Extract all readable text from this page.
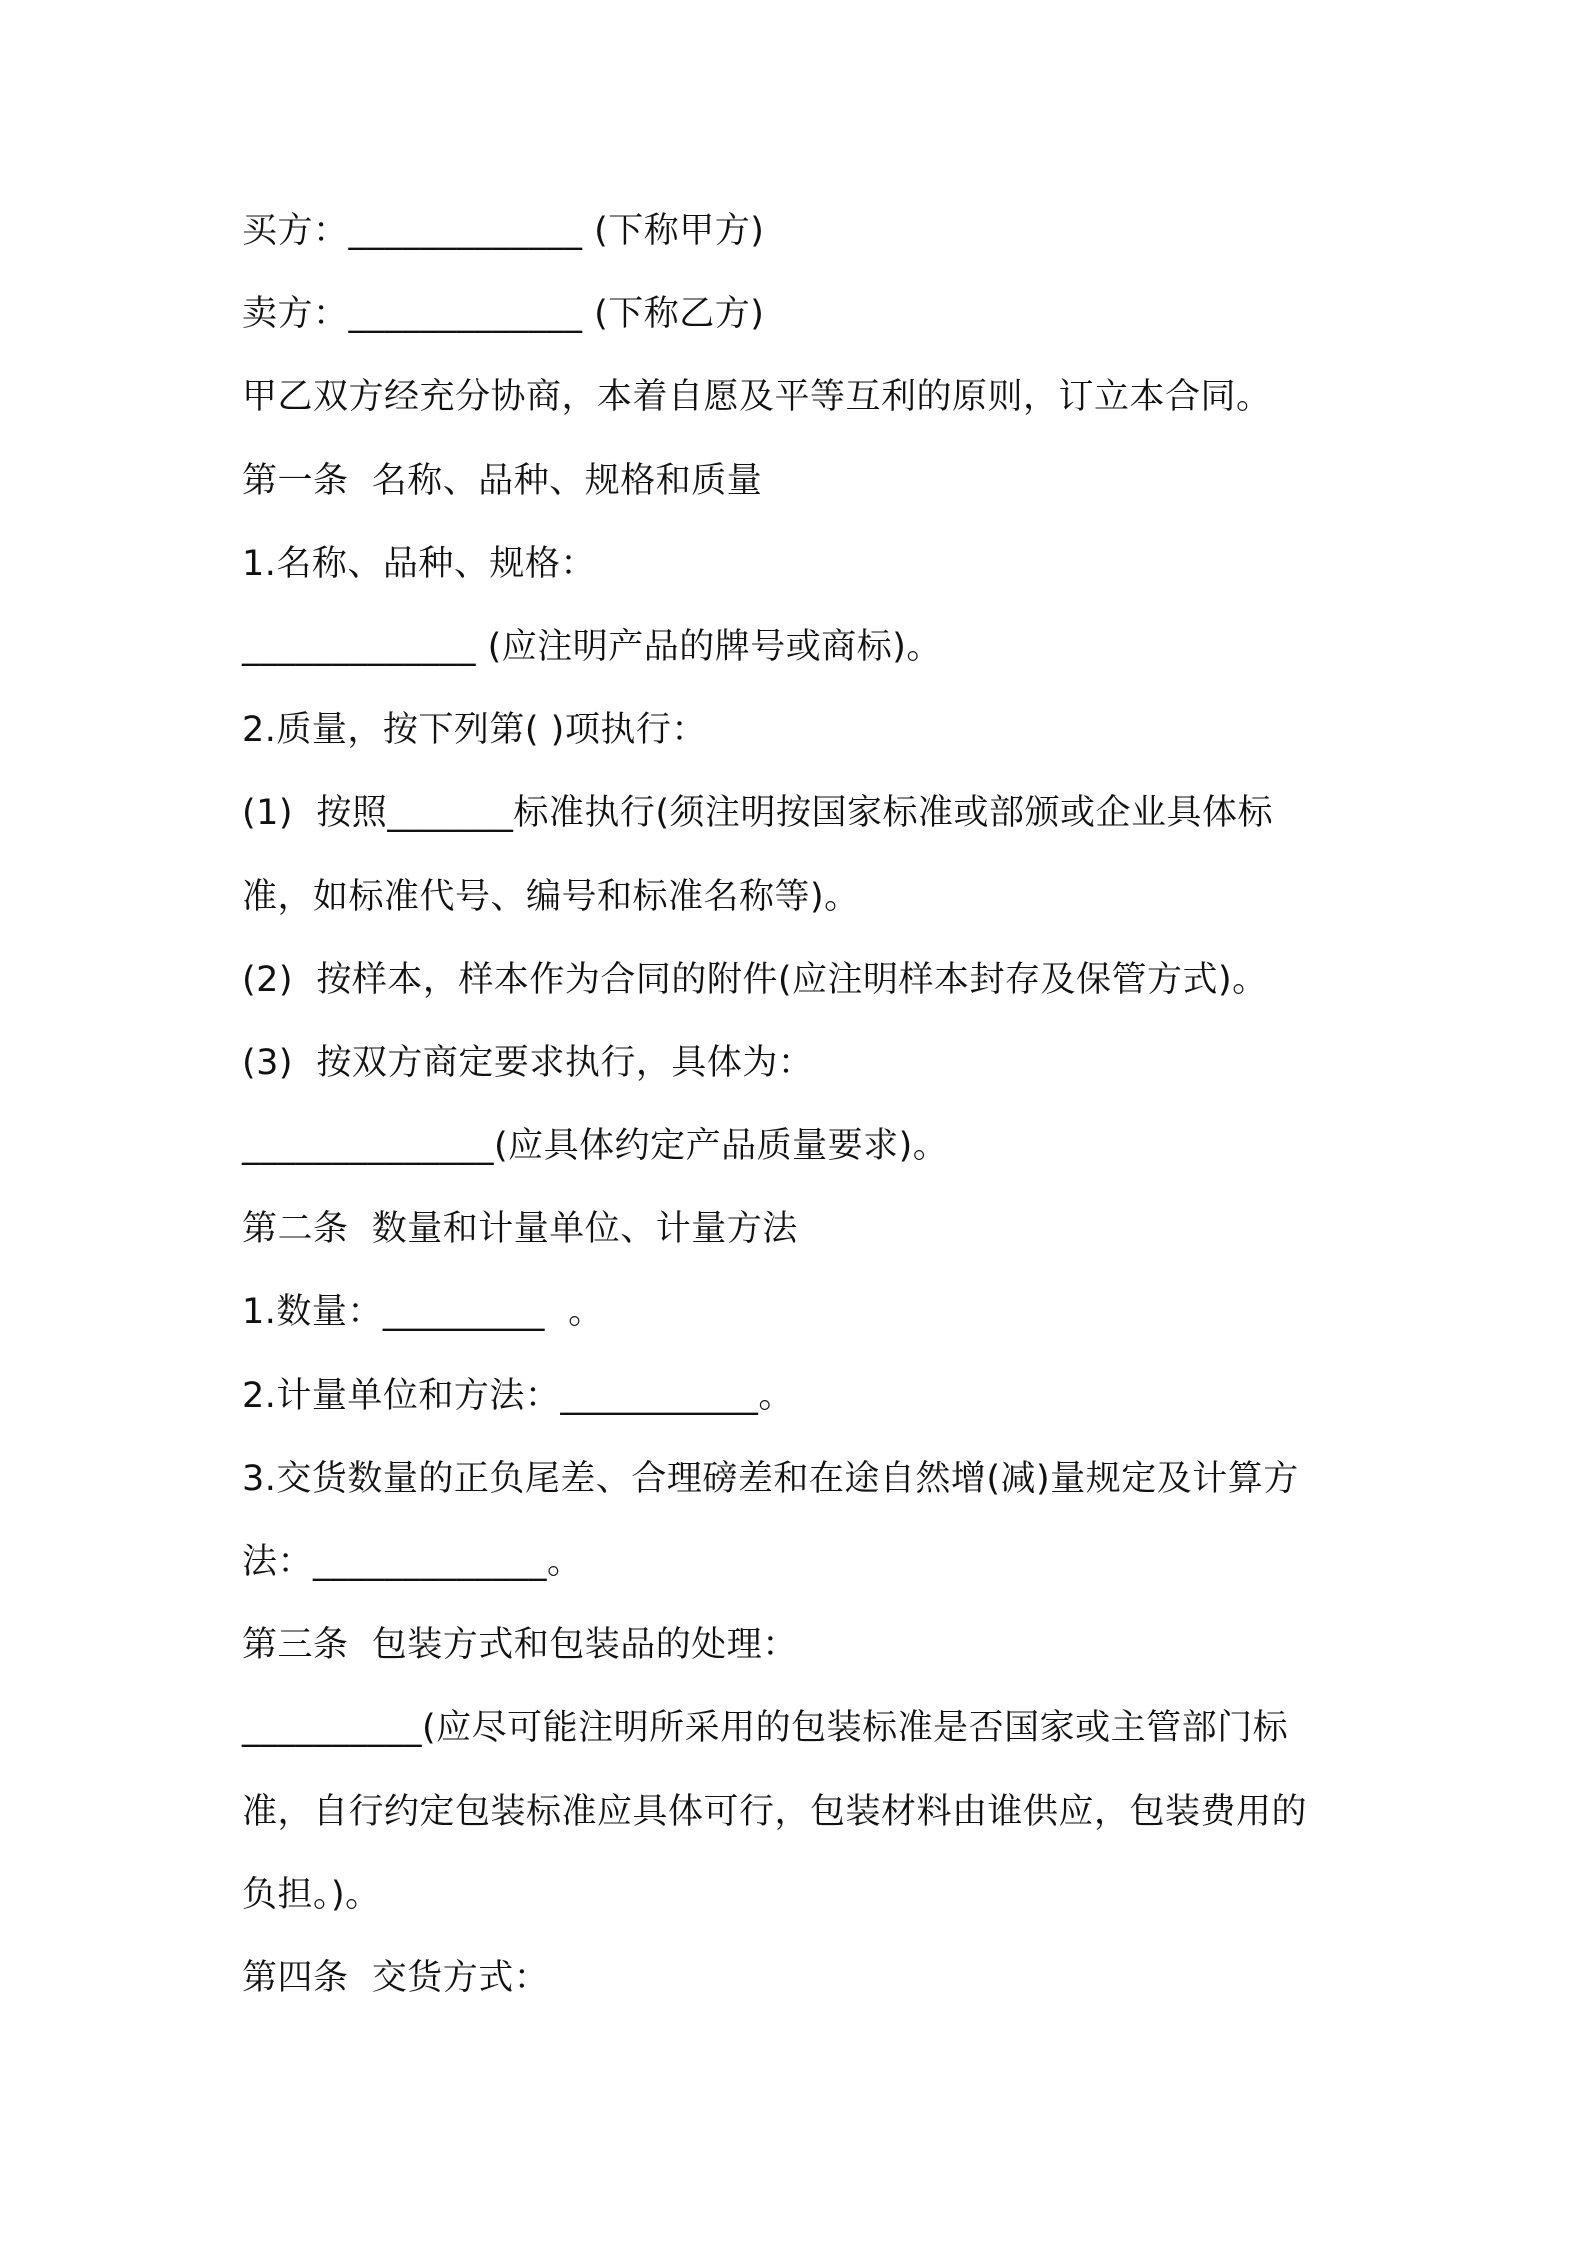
买方：_____________ (下称甲方)
卖方：_____________ (下称乙方)
甲乙双方经充分协商，本着自愿及平等互利的原则，订立本合同。
第一条  名称、品种、规格和质量
1.名称、品种、规格：
_____________ (应注明产品的牌号或商标)。
2.质量，按下列第( )项执行：
(1)  按照_______标准执行(须注明按国家标准或部颁或企业具体标
准，如标准代号、编号和标准名称等)。
(2)  按样本，样本作为合同的附件(应注明样本封存及保管方式)。
(3)  按双方商定要求执行，具体为：
______________(应具体约定产品质量要求)。
第二条  数量和计量单位、计量方法
1.数量：_________  。
2.计量单位和方法：___________。
3.交货数量的正负尾差、合理磅差和在途自然增(减)量规定及计算方
法：_____________。
第三条  包装方式和包装品的处理：
__________(应尽可能注明所采用的包装标准是否国家或主管部门标
准，自行约定包装标准应具体可行，包装材料由谁供应，包装费用的
负担。)。
第四条  交货方式：
